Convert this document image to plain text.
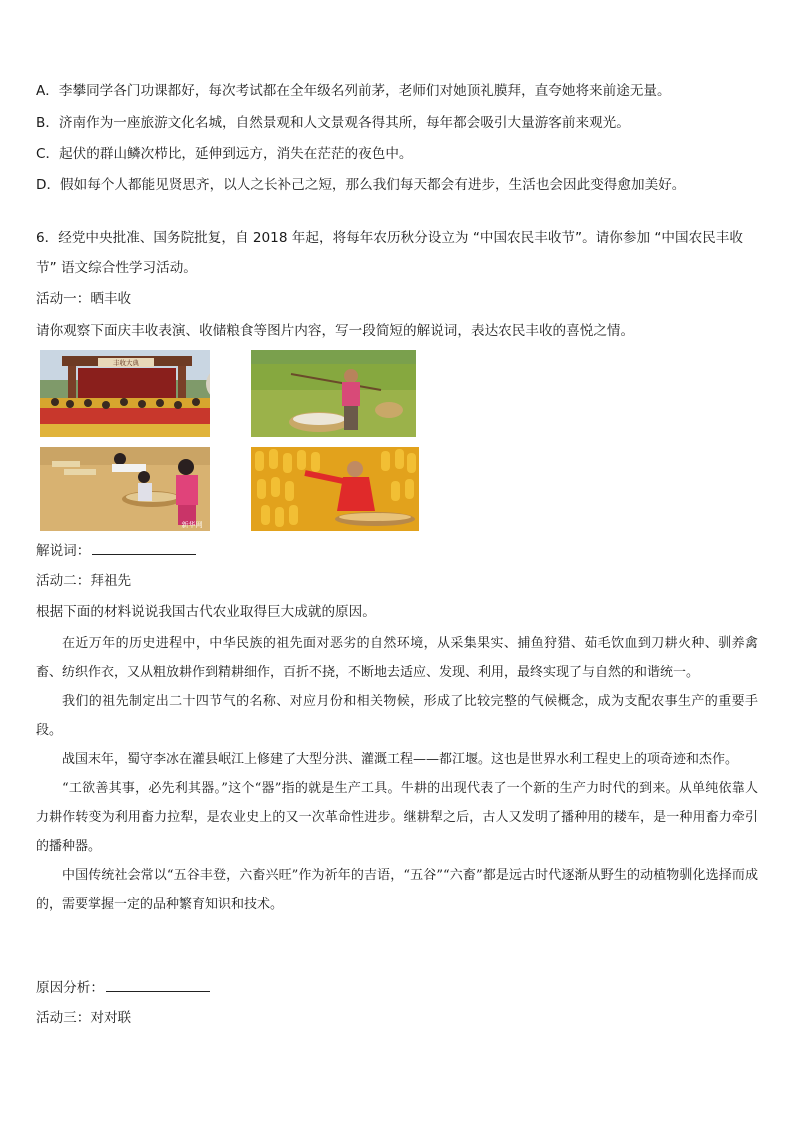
A．李攀同学各门功课都好，每次考试都在全年级名列前茅，老师们对她顶礼膜拜，直夸她将来前途无量。
B．济南作为一座旅游文化名城，自然景观和人文景观各得其所，每年都会吸引大量游客前来观光。
C．起伏的群山鳞次栉比，延伸到远方，消失在茫茫的夜色中。
D．假如每个人都能见贤思齐，以人之长补己之短，那么我们每天都会有进步，生活也会因此变得愈加美好。
6．经党中央批准、国务院批复，自 2018 年起，将每年农历秋分设立为 “中国农民丰收节”。请你参加 “中国农民丰收
节” 语文综合性学习活动。
活动一：晒丰收
请你观察下面庆丰收表演、收储粮食等图片内容，写一段简短的解说词，表达农民丰收的喜悦之情。
丰收大典
新华网
解说词：
活动二：拜祖先
根据下面的材料说说我国古代农业取得巨大成就的原因。

在近万年的历史进程中，中华民族的祖先面对恶劣的自然环境，从采集果实、捕鱼狩猎、茹毛饮血到刀耕火种、驯养禽畜、纺织作衣，又从粗放耕作到精耕细作，百折不挠，不断地去适应、发现、利用，最终实现了与自然的和谐统一。

我们的祖先制定出二十四节气的名称、对应月份和相关物候，形成了比较完整的气候概念，成为支配农事生产的重要手段。

战国末年，蜀守李冰在灌县岷江上修建了大型分洪、灌溉工程——都江堰。这也是世界水利工程史上的项奇迹和杰作。

“工欲善其事，必先利其器。”这个“器”指的就是生产工具。牛耕的出现代表了一个新的生产力时代的到来。从单纯依靠人力耕作转变为利用畜力拉犁，是农业史上的又一次革命性进步。继耕犁之后，古人又发明了播种用的耧车，是一种用畜力牵引的播种器。

中国传统社会常以“五谷丰登，六畜兴旺”作为祈年的吉语，“五谷”“六畜”都是远古时代逐渐从野生的动植物驯化选择而成的，需要掌握一定的品种繁育知识和技术。

原因分析：
活动三：对对联
